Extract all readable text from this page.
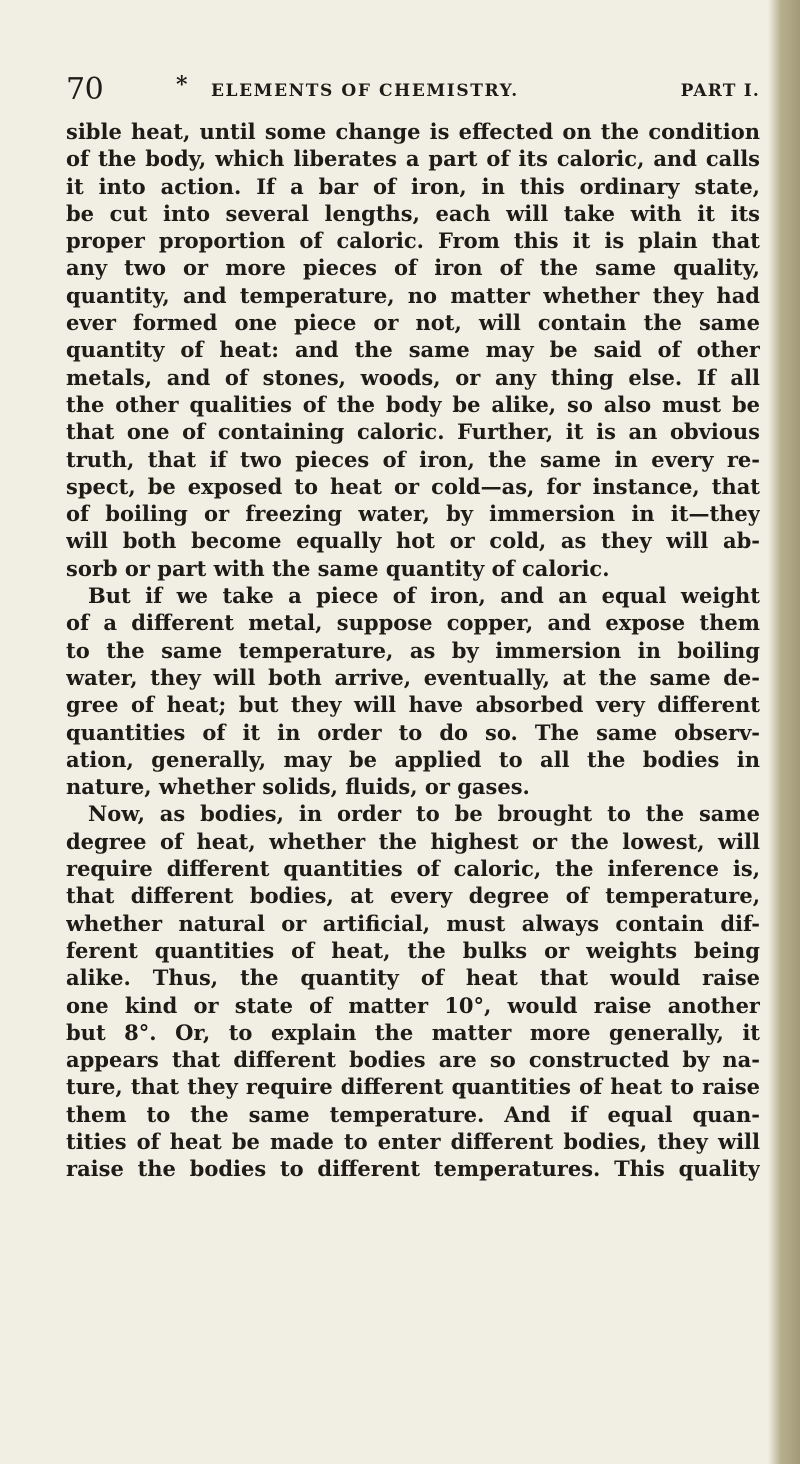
70	* ELEMENTS OF CHEMISTRY.	PART I.
sible heat, until some change is effected on the condition
of the body, which liberates a part of its caloric, and calls
it into action. If a bar of iron, in this ordinary state,
be cut into several lengths, each will take with it its
proper proportion of caloric. From this it is plain that
any two or more pieces of iron of the same quality,
quantity, and temperature, no matter whether they had
ever formed one piece or not, will contain the same
quantity of heat: and the same may be said of other
metals, and of stones, woods, or any thing else. If all
the other qualities of the body be alike, so also must be
that one of containing caloric. Further, it is an obvious
truth, that if two pieces of iron, the same in every re-
spect, be exposed to heat or cold—as, for instance, that
of boiling or freezing water, by immersion in it—they
will both become equally hot or cold, as they will ab-
sorb or part with the same quantity of caloric.
But if we take a piece of iron, and an equal weight
of a different metal, suppose copper, and expose them
to the same temperature, as by immersion in boiling
water, they will both arrive, eventually, at the same de-
gree of heat; but they will have absorbed very different
quantities of it in order to do so. The same observ-
ation, generally, may be applied to all the bodies in
nature, whether solids, fluids, or gases.
Now, as bodies, in order to be brought to the same
degree of heat, whether the highest or the lowest, will
require different quantities of caloric, the inference is,
that different bodies, at every degree of temperature,
whether natural or artificial, must always contain dif-
ferent quantities of heat, the bulks or weights being
alike. Thus, the quantity of heat that would raise
one kind or state of matter 10°, would raise another
but 8°. Or, to explain the matter more generally, it
appears that different bodies are so constructed by na-
ture, that they require different quantities of heat to raise
them to the same temperature. And if equal quan-
tities of heat be made to enter different bodies, they will
raise the bodies to different temperatures. This quality
